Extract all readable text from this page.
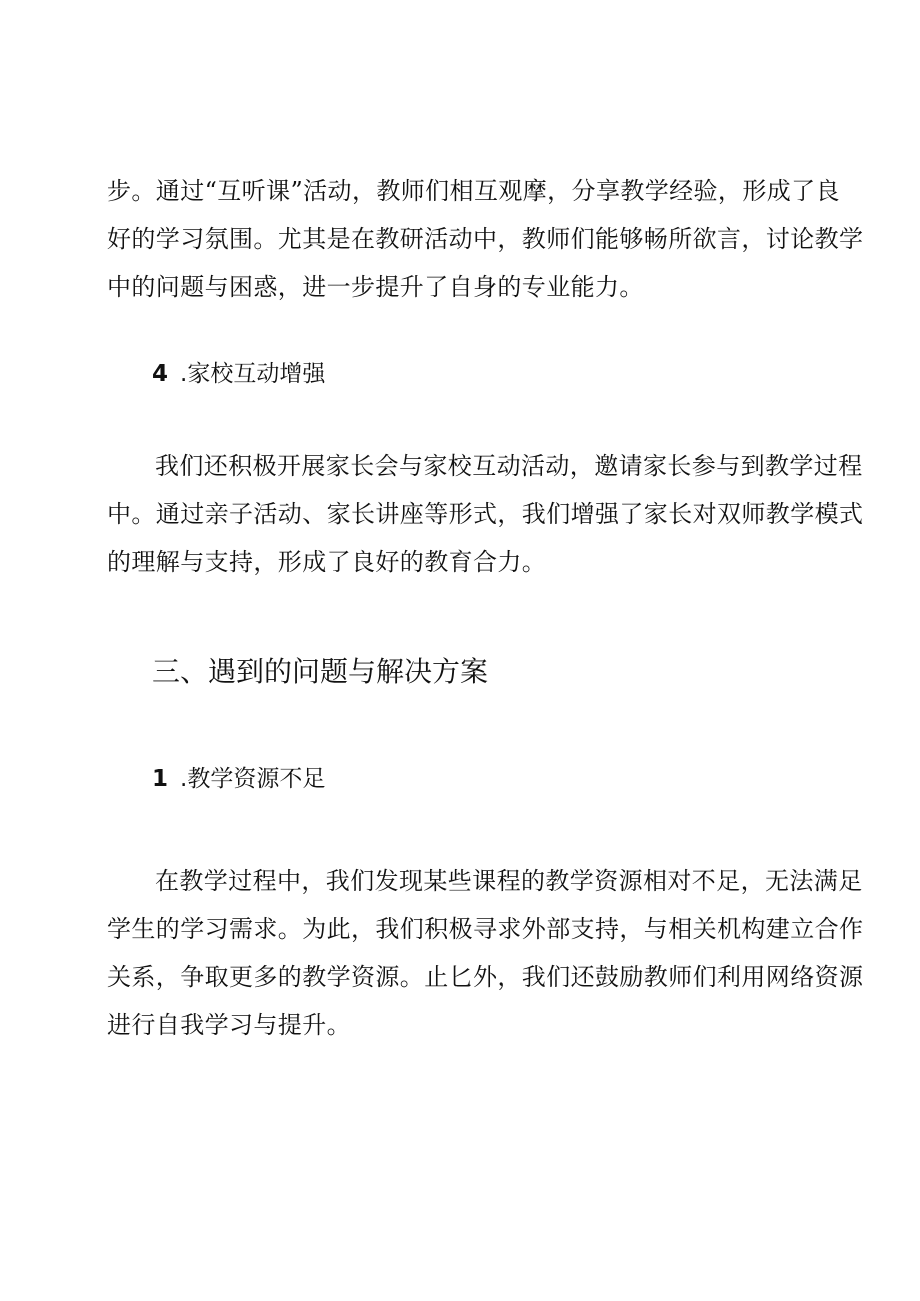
步。通过“互听课”活动，教师们相互观摩，分享教学经验，形成了良
好的学习氛围。尤其是在教研活动中，教师们能够畅所欲言，讨论教学
中的问题与困惑，进一步提升了自身的专业能力。
4 .家校互动增强
我们还积极开展家长会与家校互动活动，邀请家长参与到教学过程
中。通过亲子活动、家长讲座等形式，我们增强了家长对双师教学模式
的理解与支持，形成了良好的教育合力。
三、遇到的问题与解决方案
1 .教学资源不足
在教学过程中，我们发现某些课程的教学资源相对不足，无法满足
学生的学习需求。为此，我们积极寻求外部支持，与相关机构建立合作
关系，争取更多的教学资源。止匕外，我们还鼓励教师们利用网络资源
进行自我学习与提升。
